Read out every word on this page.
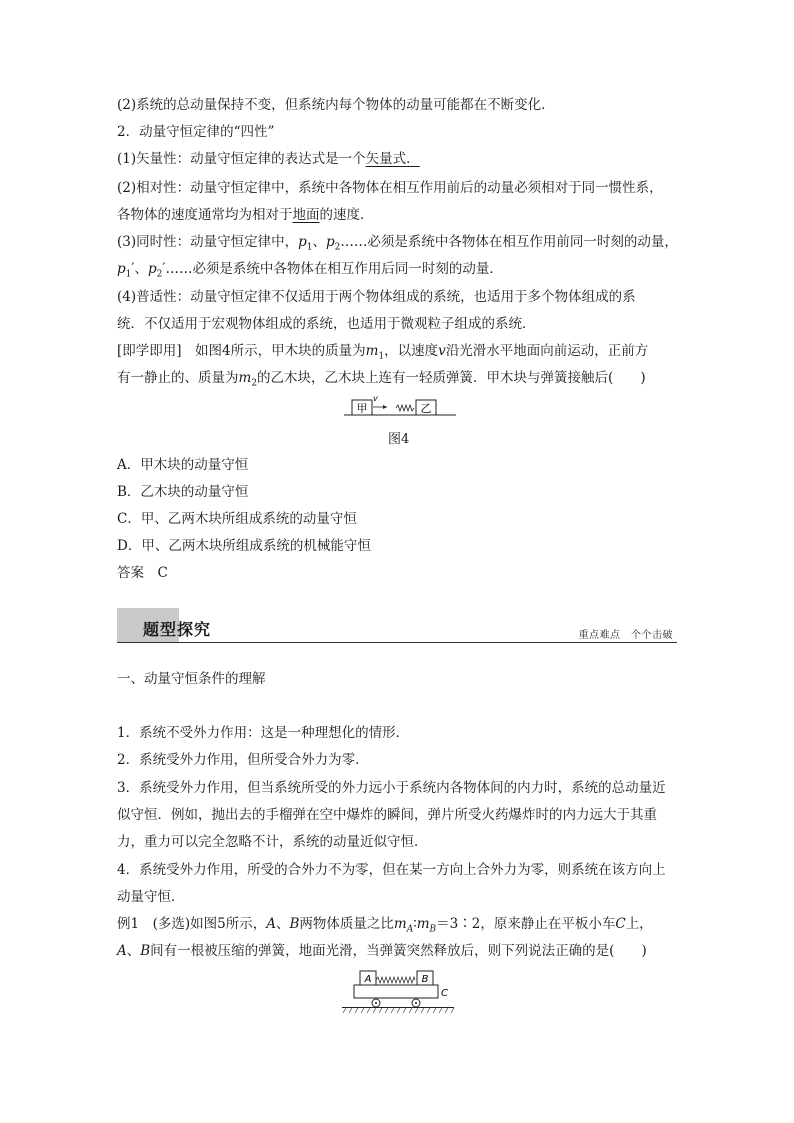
(2)系统的总动量保持不变，但系统内每个物体的动量可能都在不断变化．
2．动量守恒定律的“四性”
(1)矢量性：动量守恒定律的表达式是一个矢量式．
(2)相对性：动量守恒定律中，系统中各物体在相互作用前后的动量必须相对于同一惯性系，
各物体的速度通常均为相对于地面的速度．
(3)同时性：动量守恒定律中，$p_1$、$p_2\dots\dots$必须是系统中各物体在相互作用前同一时刻的动量，
$p_1'$、$p_2'\dots\dots$必须是系统中各物体在相互作用后同一时刻的动量．
(4)普适性：动量守恒定律不仅适用于两个物体组成的系统，也适用于多个物体组成的系
统．不仅适用于宏观物体组成的系统，也适用于微观粒子组成的系统．
[即学即用]　如图4所示，甲木块的质量为$m_1$，以速度v沿光滑水平地面向前运动，正前方
有一静止的、质量为$m_2$的乙木块，乙木块上连有一轻质弹簧．甲木块与弹簧接触后(　　)
甲
v
乙
图4
A．甲木块的动量守恒
B．乙木块的动量守恒
C．甲、乙两木块所组成系统的动量守恒
D．甲、乙两木块所组成系统的机械能守恒
答案　C
题型探究	重点难点　个个击破
一、动量守恒条件的理解
1．系统不受外力作用：这是一种理想化的情形．
2．系统受外力作用，但所受合外力为零．
3．系统受外力作用，但当系统所受的外力远小于系统内各物体间的内力时，系统的总动量近
似守恒．例如，抛出去的手榴弹在空中爆炸的瞬间，弹片所受火药爆炸时的内力远大于其重
力，重力可以完全忽略不计，系统的动量近似守恒．
4．系统受外力作用，所受的合外力不为零，但在某一方向上合外力为零，则系统在该方向上
动量守恒．
例1　(多选)如图5所示，A、B两物体质量之比$m_A∶m_B=3∶2$，原来静止在平板小车C上，
A、B间有一根被压缩的弹簧，地面光滑，当弹簧突然释放后，则下列说法正确的是(　　)
A	B
C
